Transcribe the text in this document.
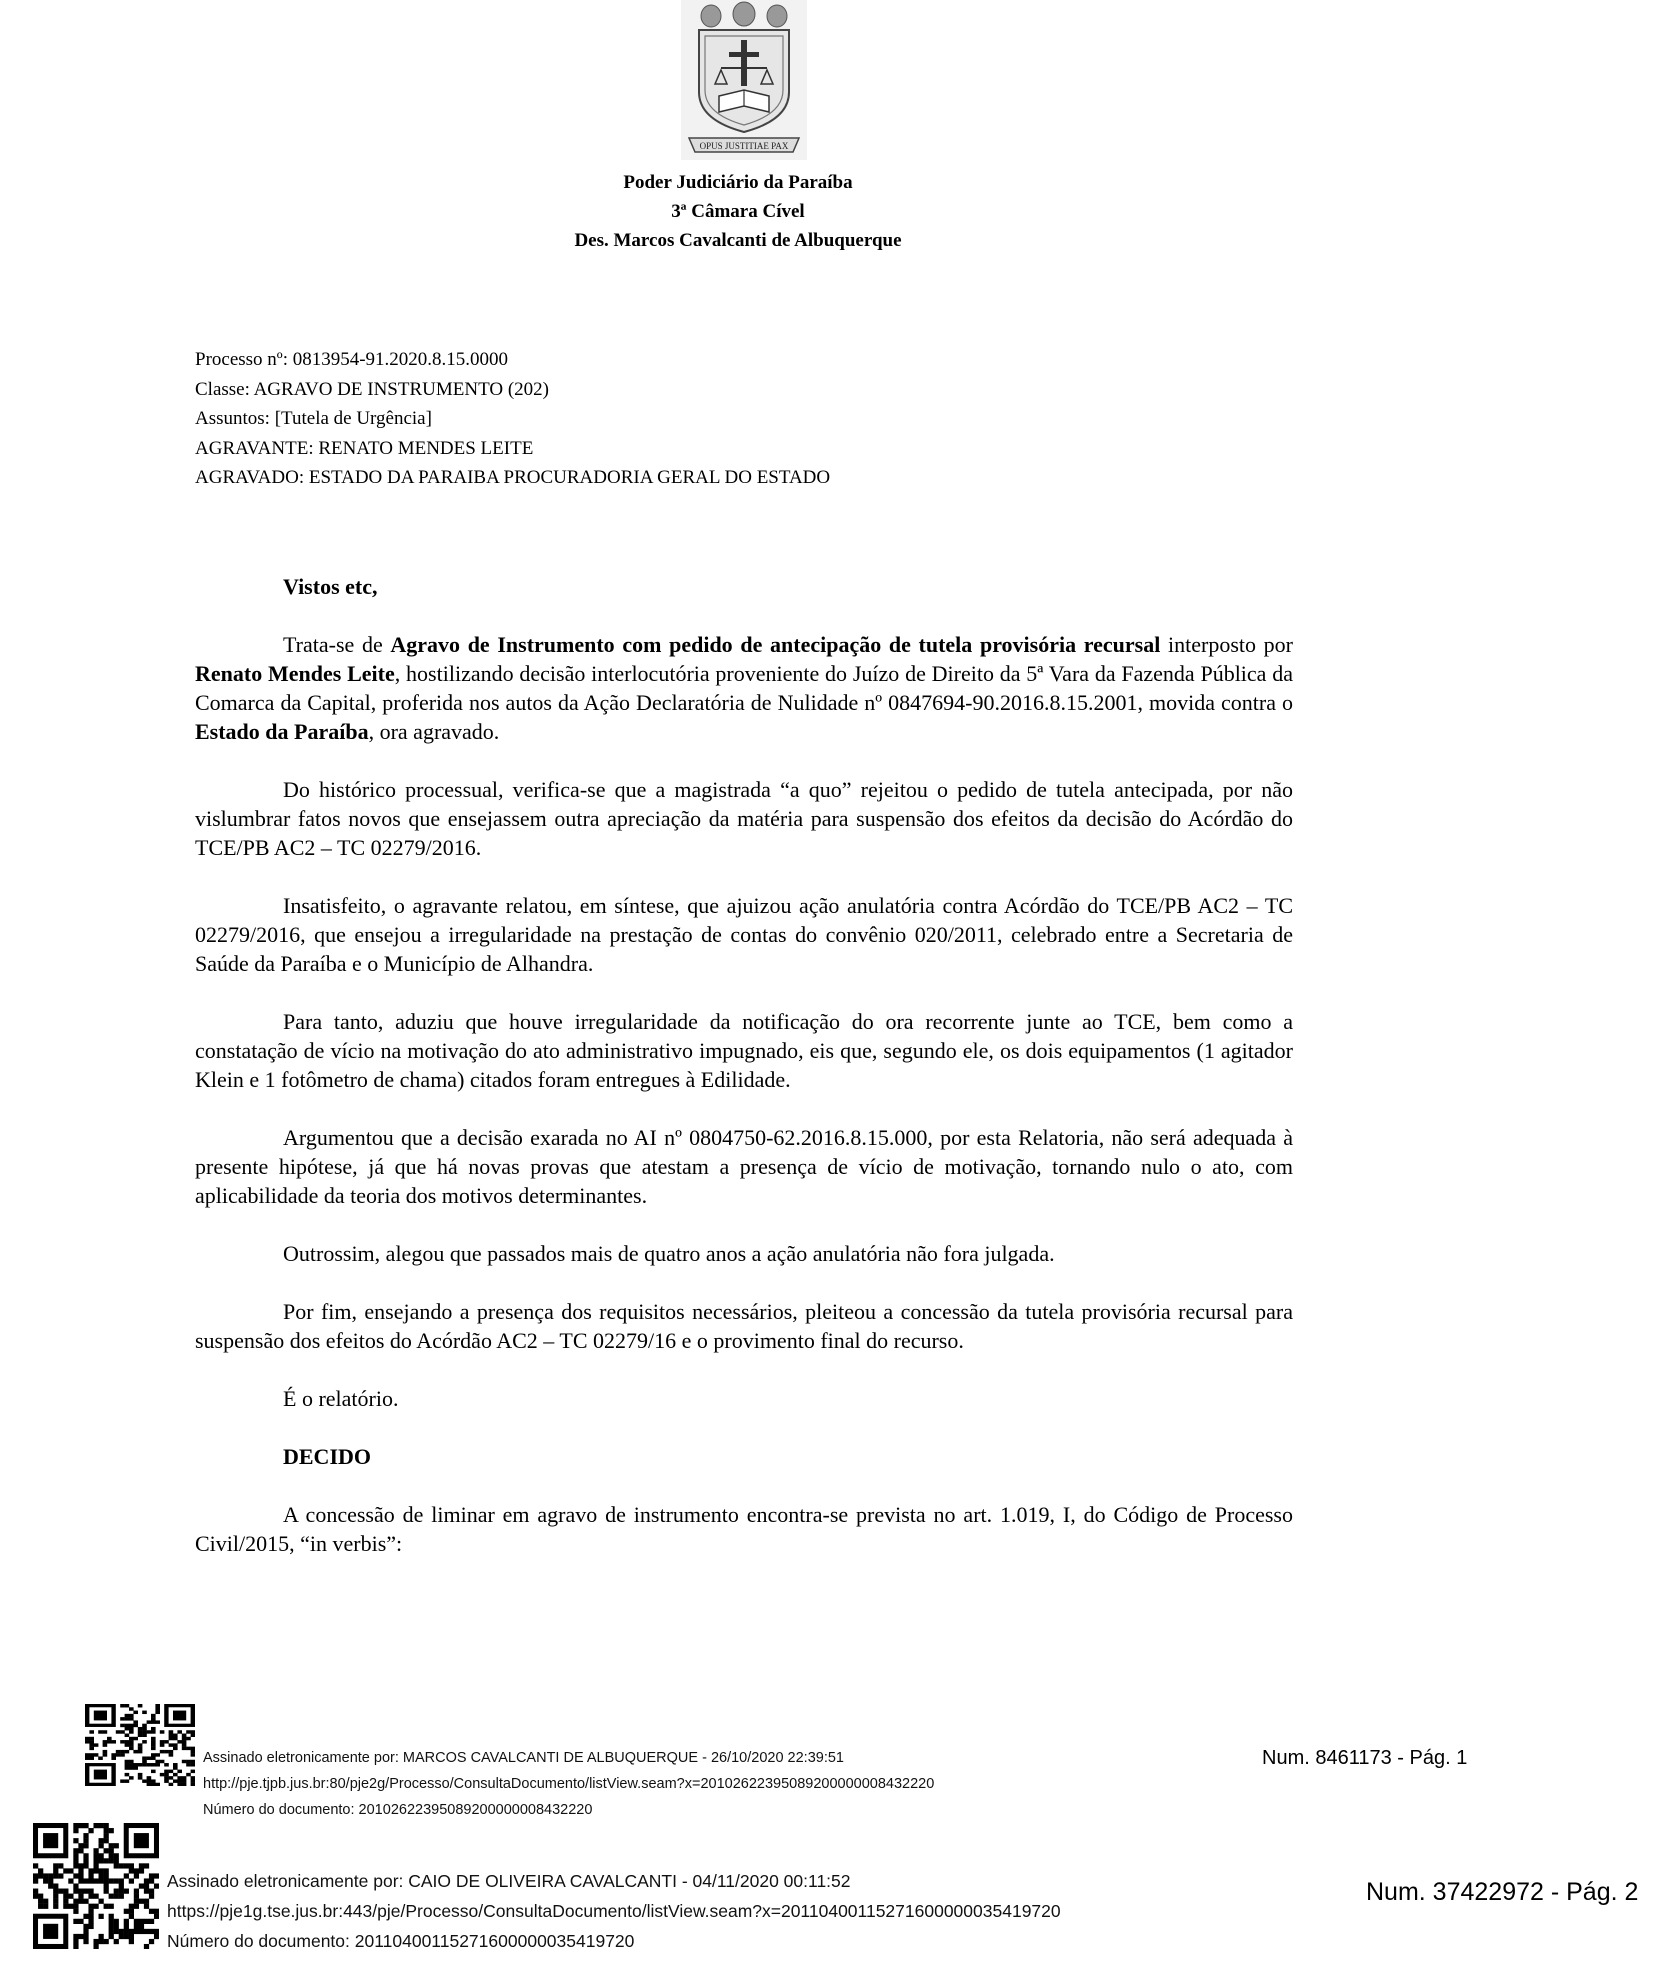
OPUS JUSTITIAE PAX
Poder Judiciário da Paraíba
3ª Câmara Cível
Des. Marcos Cavalcanti de Albuquerque
Processo nº: 0813954-91.2020.8.15.0000
Classe: AGRAVO DE INSTRUMENTO (202)
Assuntos: [Tutela de Urgência]
AGRAVANTE: RENATO MENDES LEITE
AGRAVADO: ESTADO DA PARAIBA PROCURADORIA GERAL DO ESTADO

Vistos etc,

Trata-se de Agravo de Instrumento com pedido de antecipação de tutela provisória recursal interposto por Renato Mendes Leite, hostilizando decisão interlocutória proveniente do Juízo de Direito da 5ª Vara da Fazenda Pública da Comarca da Capital, proferida nos autos da Ação Declaratória de Nulidade nº 0847694-90.2016.8.15.2001, movida contra o Estado da Paraíba, ora agravado.

Do histórico processual, verifica-se que a magistrada “a quo” rejeitou o pedido de tutela antecipada, por não vislumbrar fatos novos que ensejassem outra apreciação da matéria para suspensão dos efeitos da decisão do Acórdão do TCE/PB AC2 – TC 02279/2016.

Insatisfeito, o agravante relatou, em síntese, que ajuizou ação anulatória contra Acórdão do TCE/PB AC2 – TC 02279/2016, que ensejou a irregularidade na prestação de contas do convênio 020/2011, celebrado entre a Secretaria de Saúde da Paraíba e o Município de Alhandra.

Para tanto, aduziu que houve irregularidade da notificação do ora recorrente junte ao TCE, bem como a constatação de vício na motivação do ato administrativo impugnado, eis que, segundo ele, os dois equipamentos (1 agitador Klein e 1 fotômetro de chama) citados foram entregues à Edilidade.

Argumentou que a decisão exarada no AI nº 0804750-62.2016.8.15.000, por esta Relatoria, não será adequada à presente hipótese, já que há novas provas que atestam a presença de vício de motivação, tornando nulo o ato, com aplicabilidade da teoria dos motivos determinantes.

Outrossim, alegou que passados mais de quatro anos a ação anulatória não fora julgada.

Por fim, ensejando a presença dos requisitos necessários, pleiteou a concessão da tutela provisória recursal para suspensão dos efeitos do Acórdão AC2 – TC 02279/16 e o provimento final do recurso.

É o relatório.

DECIDO

A concessão de liminar em agravo de instrumento encontra-se prevista no art. 1.019, I, do Código de Processo Civil/2015, “in verbis”:

Assinado eletronicamente por: MARCOS CAVALCANTI DE ALBUQUERQUE - 26/10/2020 22:39:51
http://pje.tjpb.jus.br:80/pje2g/Processo/ConsultaDocumento/listView.seam?x=20102622395089200000008432220
Número do documento: 20102622395089200000008432220
Num. 8461173 - Pág. 1
Assinado eletronicamente por: CAIO DE OLIVEIRA CAVALCANTI - 04/11/2020 00:11:52
https://pje1g.tse.jus.br:443/pje/Processo/ConsultaDocumento/listView.seam?x=20110400115271600000035419720
Número do documento: 20110400115271600000035419720
Num. 37422972 - Pág. 2
